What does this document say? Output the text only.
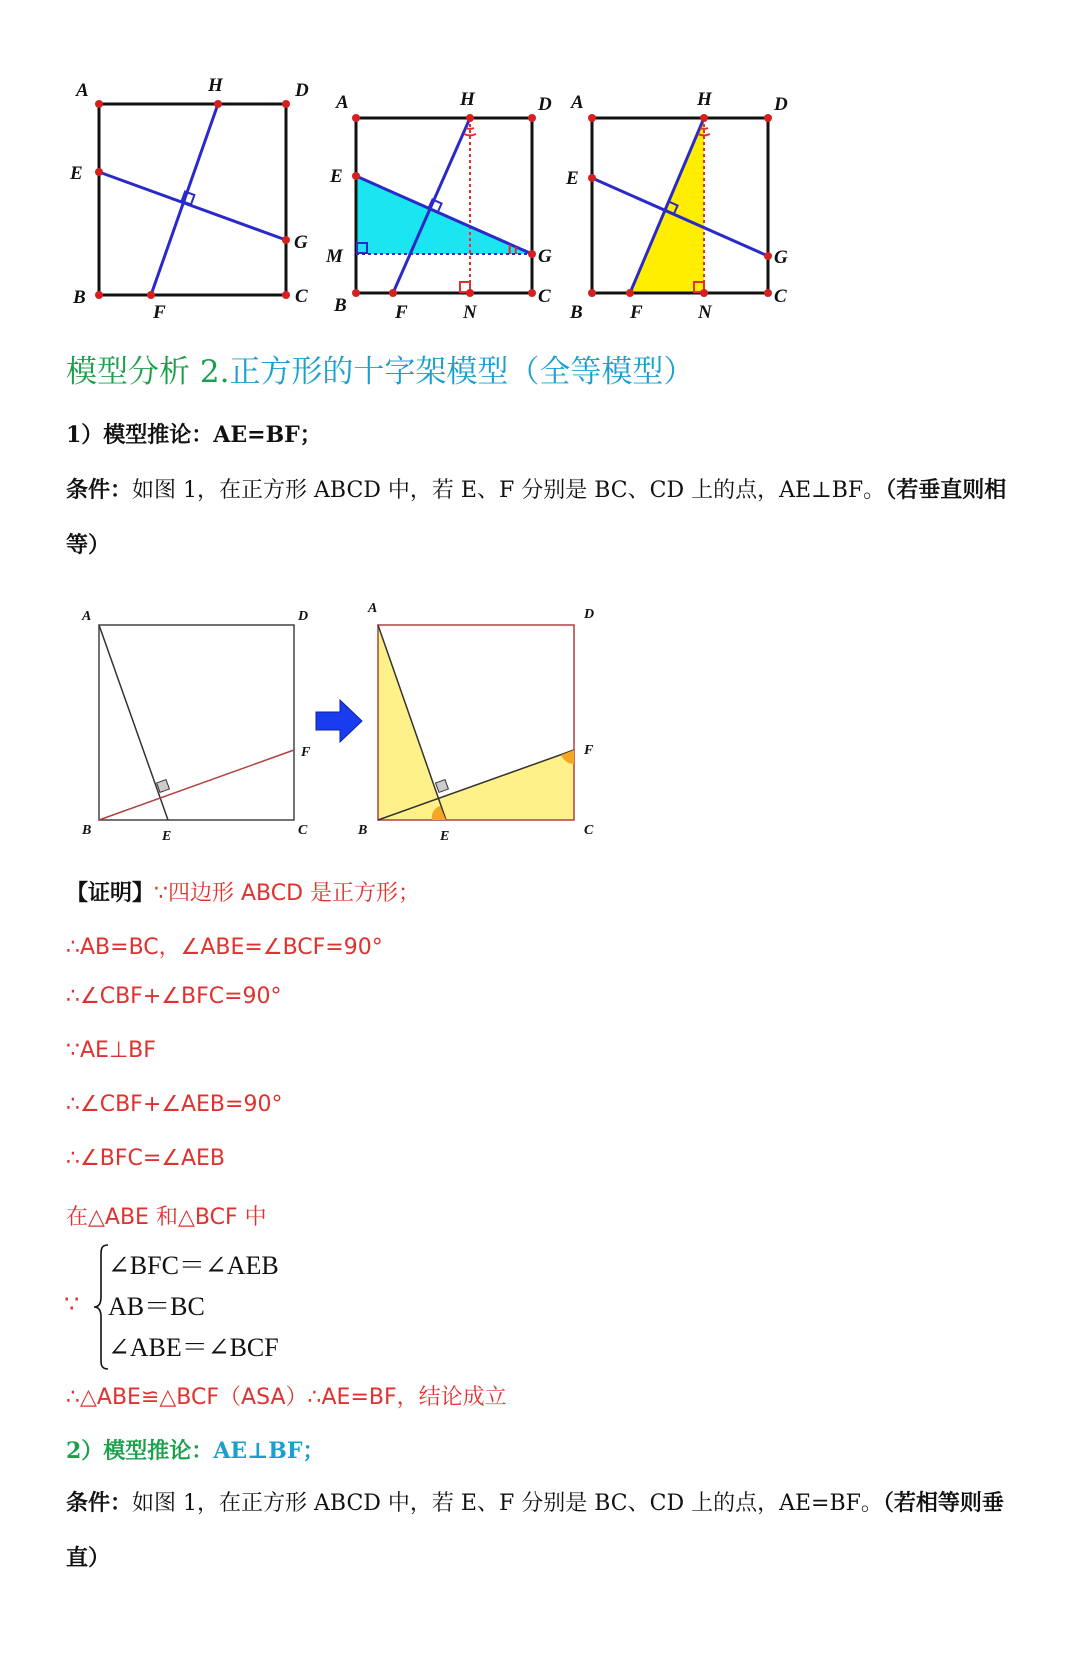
A	H	D
E
G
B
F
C
A	H	D
E
M	G
B	F	N
C
A	H	D
E
G
B F	N
C
模型分析 2.正方形的十字架模型（全等模型）
1）模型推论：AE=BF；
条件：如图 1，在正方形 ABCD 中，若 E、F 分别是 BC、CD 上的点，AE⊥BF。（若垂直则相等）
A	D
F
B	E	C
A	D
F
B	E	C
【证明】∵四边形 ABCD 是正方形；
∴AB=BC，∠ABE=∠BCF=90°
∴∠CBF+∠BFC=90°
∵AE⊥BF
∴∠CBF+∠AEB=90°
∴∠BFC=∠AEB
在△ABE 和△BCF 中
∵
∠BFC＝∠AEB
AB＝BC
∠ABE＝∠BCF
∴△ABE≌△BCF（ASA）∴AE=BF，结论成立
2）模型推论：AE⊥BF；
条件：如图 1，在正方形 ABCD 中，若 E、F 分别是 BC、CD 上的点，AE=BF。（若相等则垂直）
